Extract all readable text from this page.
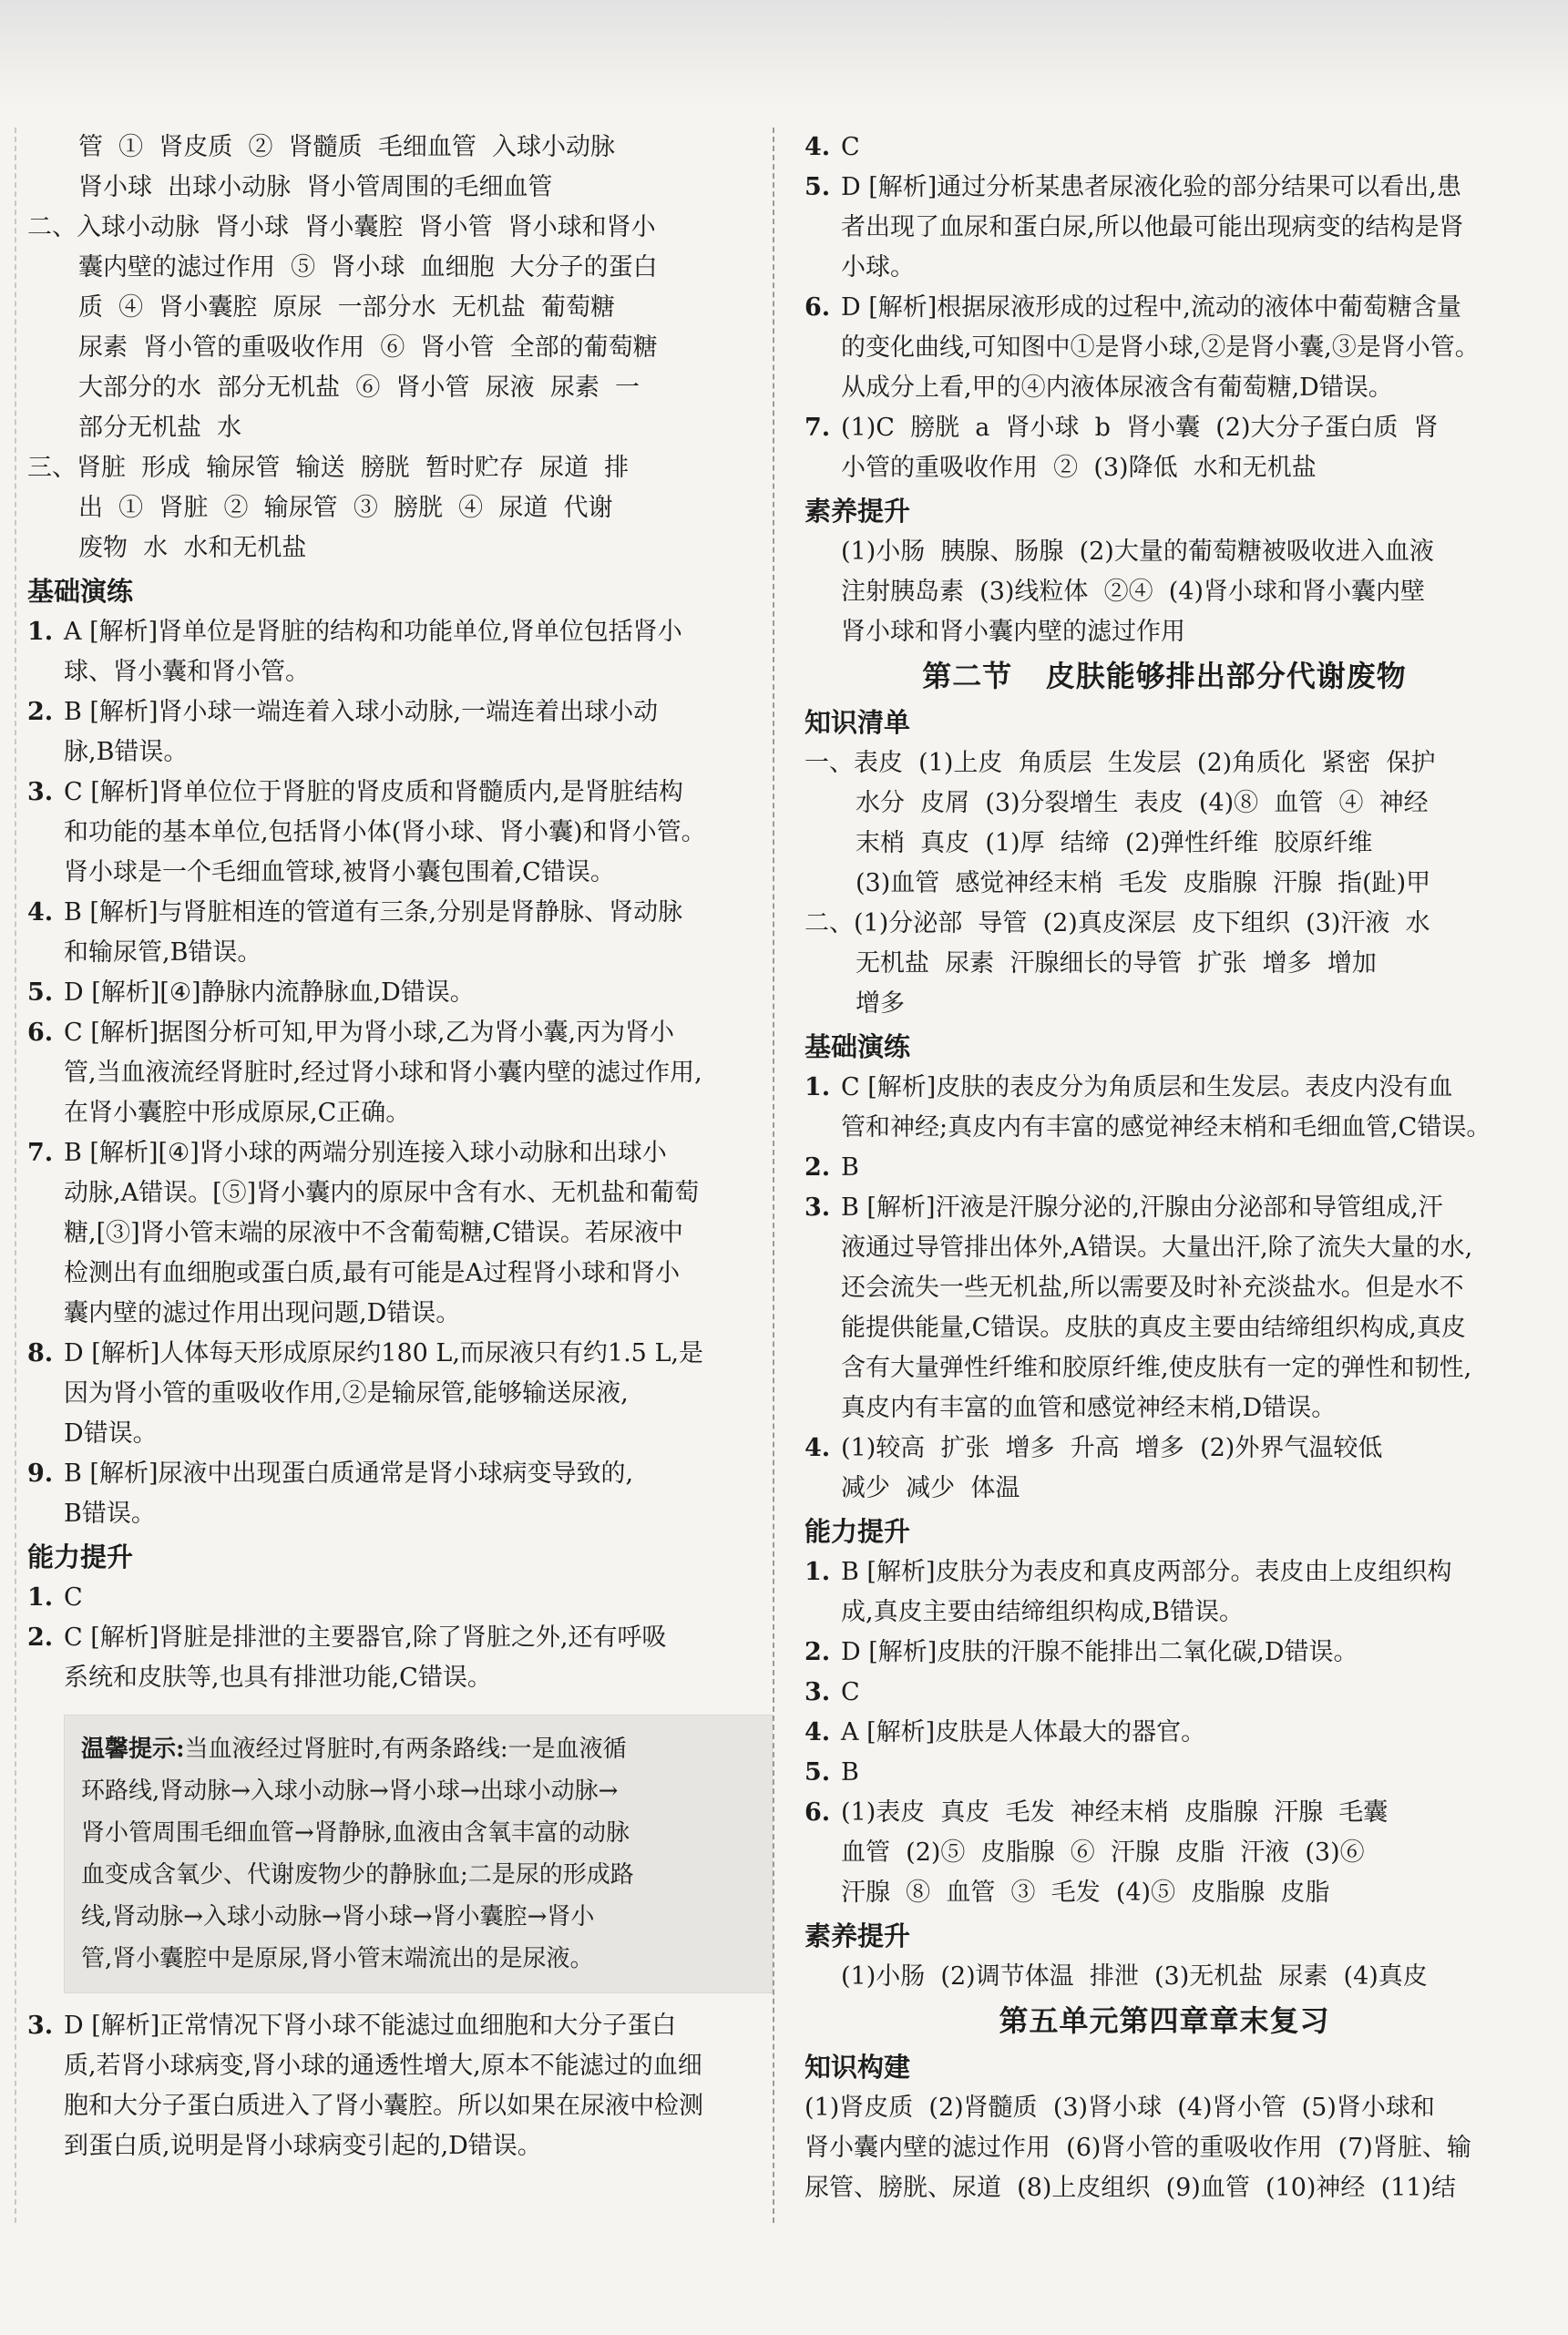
管  ①  肾皮质  ②  肾髓质  毛细血管  入球小动脉
肾小球  出球小动脉  肾小管周围的毛细血管
二、入球小动脉  肾小球  肾小囊腔  肾小管  肾小球和肾小
囊内壁的滤过作用  ⑤  肾小球  血细胞  大分子的蛋白
质  ④  肾小囊腔  原尿  一部分水  无机盐  葡萄糖
尿素  肾小管的重吸收作用  ⑥  肾小管  全部的葡萄糖
大部分的水  部分无机盐  ⑥  肾小管  尿液  尿素  一
部分无机盐  水
三、肾脏  形成  输尿管  输送  膀胱  暂时贮存  尿道  排
出  ①  肾脏  ②  输尿管  ③  膀胱  ④  尿道  代谢
废物  水  水和无机盐
基础演练
1. A [解析]肾单位是肾脏的结构和功能单位,肾单位包括肾小
球、肾小囊和肾小管。
2. B [解析]肾小球一端连着入球小动脉,一端连着出球小动
脉,B错误。
3. C [解析]肾单位位于肾脏的肾皮质和肾髓质内,是肾脏结构
和功能的基本单位,包括肾小体(肾小球、肾小囊)和肾小管。
肾小球是一个毛细血管球,被肾小囊包围着,C错误。
4. B [解析]与肾脏相连的管道有三条,分别是肾静脉、肾动脉
和输尿管,B错误。
5. D [解析][④]静脉内流静脉血,D错误。
6. C [解析]据图分析可知,甲为肾小球,乙为肾小囊,丙为肾小
管,当血液流经肾脏时,经过肾小球和肾小囊内壁的滤过作用,
在肾小囊腔中形成原尿,C正确。
7. B [解析][④]肾小球的两端分别连接入球小动脉和出球小
动脉,A错误。[⑤]肾小囊内的原尿中含有水、无机盐和葡萄
糖,[③]肾小管末端的尿液中不含葡萄糖,C错误。若尿液中
检测出有血细胞或蛋白质,最有可能是A过程肾小球和肾小
囊内壁的滤过作用出现问题,D错误。
8. D [解析]人体每天形成原尿约180 L,而尿液只有约1.5 L,是
因为肾小管的重吸收作用,②是输尿管,能够输送尿液,
D错误。
9. B [解析]尿液中出现蛋白质通常是肾小球病变导致的,
B错误。
能力提升
1. C
2. C [解析]肾脏是排泄的主要器官,除了肾脏之外,还有呼吸
系统和皮肤等,也具有排泄功能,C错误。
温馨提示:当血液经过肾脏时,有两条路线:一是血液循
环路线,肾动脉→入球小动脉→肾小球→出球小动脉→
肾小管周围毛细血管→肾静脉,血液由含氧丰富的动脉
血变成含氧少、代谢废物少的静脉血;二是尿的形成路
线,肾动脉→入球小动脉→肾小球→肾小囊腔→肾小
管,肾小囊腔中是原尿,肾小管末端流出的是尿液。
3. D [解析]正常情况下肾小球不能滤过血细胞和大分子蛋白
质,若肾小球病变,肾小球的通透性增大,原本不能滤过的血细
胞和大分子蛋白质进入了肾小囊腔。所以如果在尿液中检测
到蛋白质,说明是肾小球病变引起的,D错误。
4. C
5. D [解析]通过分析某患者尿液化验的部分结果可以看出,患
者出现了血尿和蛋白尿,所以他最可能出现病变的结构是肾
小球。
6. D [解析]根据尿液形成的过程中,流动的液体中葡萄糖含量
的变化曲线,可知图中①是肾小球,②是肾小囊,③是肾小管。
从成分上看,甲的④内液体尿液含有葡萄糖,D错误。
7. (1)C  膀胱  a  肾小球  b  肾小囊  (2)大分子蛋白质  肾
小管的重吸收作用  ②  (3)降低  水和无机盐
素养提升
(1)小肠  胰腺、肠腺  (2)大量的葡萄糖被吸收进入血液
注射胰岛素  (3)线粒体  ②④  (4)肾小球和肾小囊内壁
肾小球和肾小囊内壁的滤过作用
第二节   皮肤能够排出部分代谢废物
知识清单
一、表皮  (1)上皮  角质层  生发层  (2)角质化  紧密  保护
水分  皮屑  (3)分裂增生  表皮  (4)⑧  血管  ④  神经
末梢  真皮  (1)厚  结缔  (2)弹性纤维  胶原纤维
(3)血管  感觉神经末梢  毛发  皮脂腺  汗腺  指(趾)甲
二、(1)分泌部  导管  (2)真皮深层  皮下组织  (3)汗液  水
无机盐  尿素  汗腺细长的导管  扩张  增多  增加
增多
基础演练
1. C [解析]皮肤的表皮分为角质层和生发层。表皮内没有血
管和神经;真皮内有丰富的感觉神经末梢和毛细血管,C错误。
2. B
3. B [解析]汗液是汗腺分泌的,汗腺由分泌部和导管组成,汗
液通过导管排出体外,A错误。大量出汗,除了流失大量的水,
还会流失一些无机盐,所以需要及时补充淡盐水。但是水不
能提供能量,C错误。皮肤的真皮主要由结缔组织构成,真皮
含有大量弹性纤维和胶原纤维,使皮肤有一定的弹性和韧性,
真皮内有丰富的血管和感觉神经末梢,D错误。
4. (1)较高  扩张  增多  升高  增多  (2)外界气温较低
减少  减少  体温
能力提升
1. B [解析]皮肤分为表皮和真皮两部分。表皮由上皮组织构
成,真皮主要由结缔组织构成,B错误。
2. D [解析]皮肤的汗腺不能排出二氧化碳,D错误。
3. C
4. A [解析]皮肤是人体最大的器官。
5. B
6. (1)表皮  真皮  毛发  神经末梢  皮脂腺  汗腺  毛囊
血管  (2)⑤  皮脂腺  ⑥  汗腺  皮脂  汗液  (3)⑥
汗腺  ⑧  血管  ③  毛发  (4)⑤  皮脂腺  皮脂
素养提升
(1)小肠  (2)调节体温  排泄  (3)无机盐  尿素  (4)真皮
第五单元第四章章末复习
知识构建
(1)肾皮质  (2)肾髓质  (3)肾小球  (4)肾小管  (5)肾小球和
肾小囊内壁的滤过作用  (6)肾小管的重吸收作用  (7)肾脏、输
尿管、膀胱、尿道  (8)上皮组织  (9)血管  (10)神经  (11)结
